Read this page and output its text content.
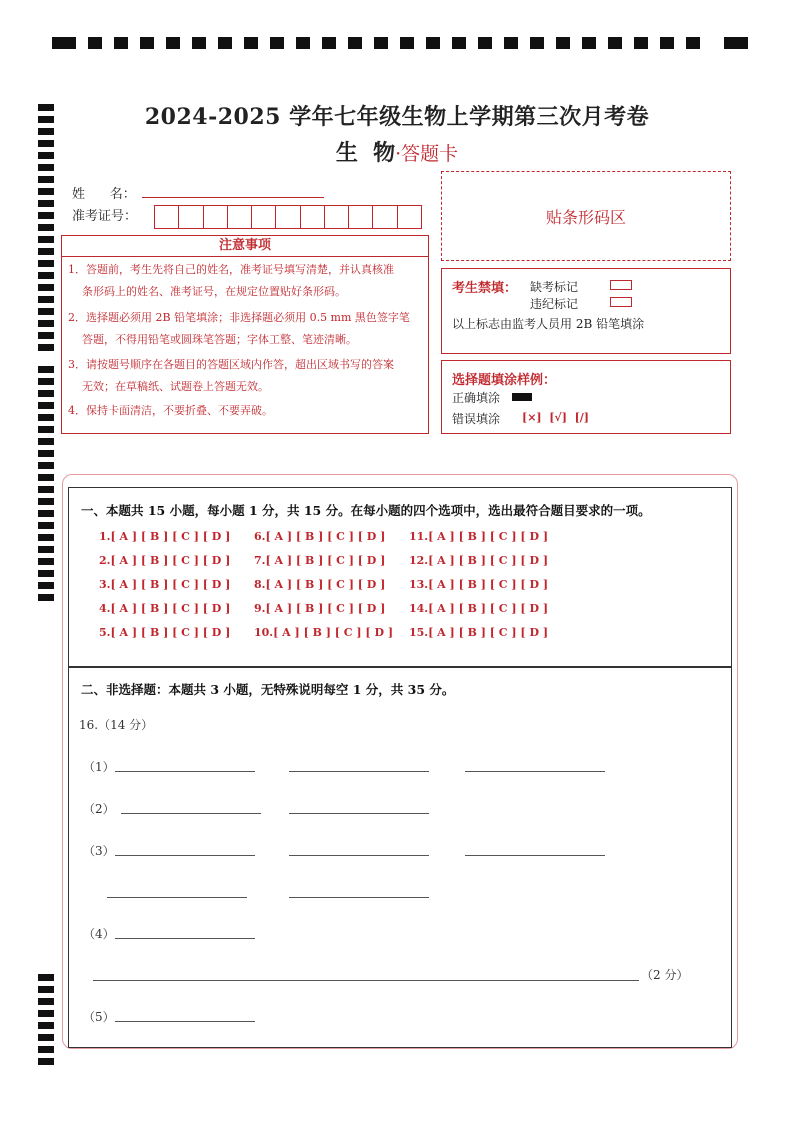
2024-2025 学年七年级生物上学期第三次月考卷
生  物·答题卡
姓      名：
准考证号：	贴条形码区
注意事项
1．答题前，考生先将自己的姓名，准考证号填写清楚，并认真核准
条形码上的姓名、准考证号，在规定位置贴好条形码。
2．选择题必须用 2B 铅笔填涂；非选择题必须用 0.5 mm 黑色签字笔
答题，不得用铅笔或圆珠笔答题；字体工整、笔迹清晰。
3．请按题号顺序在各题目的答题区域内作答，超出区域书写的答案
无效；在草稿纸、试题卷上答题无效。
4．保持卡面清洁，不要折叠、不要弄破。
考生禁填： 缺考标记
违纪标记
以上标志由监考人员用 2B 铅笔填涂
选择题填涂样例：
正确填涂
错误填涂 [×]  [√]  [/]
一、本题共 15 小题，每小题 1 分，共 15 分。在每小题的四个选项中，选出最符合题目要求的一项。
1.[ A ] [ B ] [ C ] [ D ]
2.[ A ] [ B ] [ C ] [ D ]
3.[ A ] [ B ] [ C ] [ D ]
4.[ A ] [ B ] [ C ] [ D ]
5.[ A ] [ B ] [ C ] [ D ]
6.[ A ] [ B ] [ C ] [ D ]
7.[ A ] [ B ] [ C ] [ D ]
8.[ A ] [ B ] [ C ] [ D ]
9.[ A ] [ B ] [ C ] [ D ]
10.[ A ] [ B ] [ C ] [ D ]
11.[ A ] [ B ] [ C ] [ D ]
12.[ A ] [ B ] [ C ] [ D ]
13.[ A ] [ B ] [ C ] [ D ]
14.[ A ] [ B ] [ C ] [ D ]
15.[ A ] [ B ] [ C ] [ D ]
二、非选择题：本题共 3 小题，无特殊说明每空 1 分，共 35 分。
16.（14 分）
（1）
（2）
（3）
（4）
（2 分）
（5）
